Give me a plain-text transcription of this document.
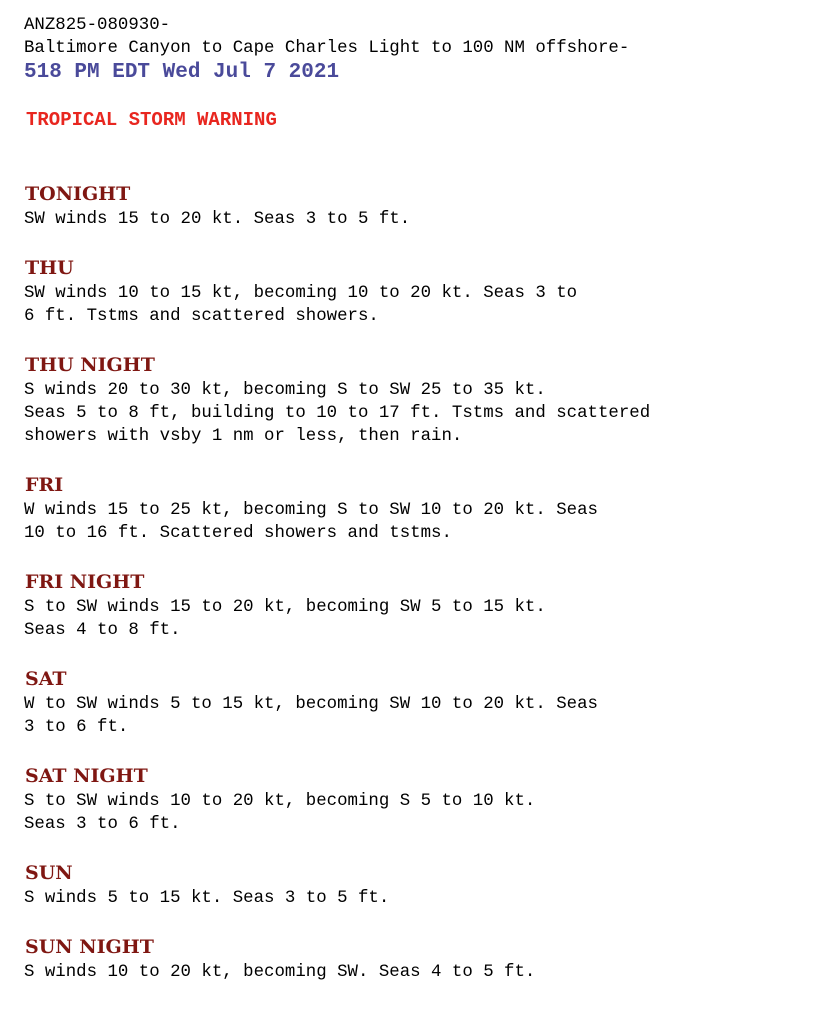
ANZ825-080930-
Baltimore Canyon to Cape Charles Light to 100 NM offshore-
518 PM EDT Wed Jul 7 2021
TROPICAL STORM WARNING
TONIGHT
SW winds 15 to 20 kt. Seas 3 to 5 ft.
THU
SW winds 10 to 15 kt, becoming 10 to 20 kt. Seas 3 to
6 ft. Tstms and scattered showers.
THU NIGHT
S winds 20 to 30 kt, becoming S to SW 25 to 35 kt.
Seas 5 to 8 ft, building to 10 to 17 ft. Tstms and scattered
showers with vsby 1 nm or less, then rain.
FRI
W winds 15 to 25 kt, becoming S to SW 10 to 20 kt. Seas
10 to 16 ft. Scattered showers and tstms.
FRI NIGHT
S to SW winds 15 to 20 kt, becoming SW 5 to 15 kt.
Seas 4 to 8 ft.
SAT
W to SW winds 5 to 15 kt, becoming SW 10 to 20 kt. Seas
3 to 6 ft.
SAT NIGHT
S to SW winds 10 to 20 kt, becoming S 5 to 10 kt.
Seas 3 to 6 ft.
SUN
S winds 5 to 15 kt. Seas 3 to 5 ft.
SUN NIGHT
S winds 10 to 20 kt, becoming SW. Seas 4 to 5 ft.
